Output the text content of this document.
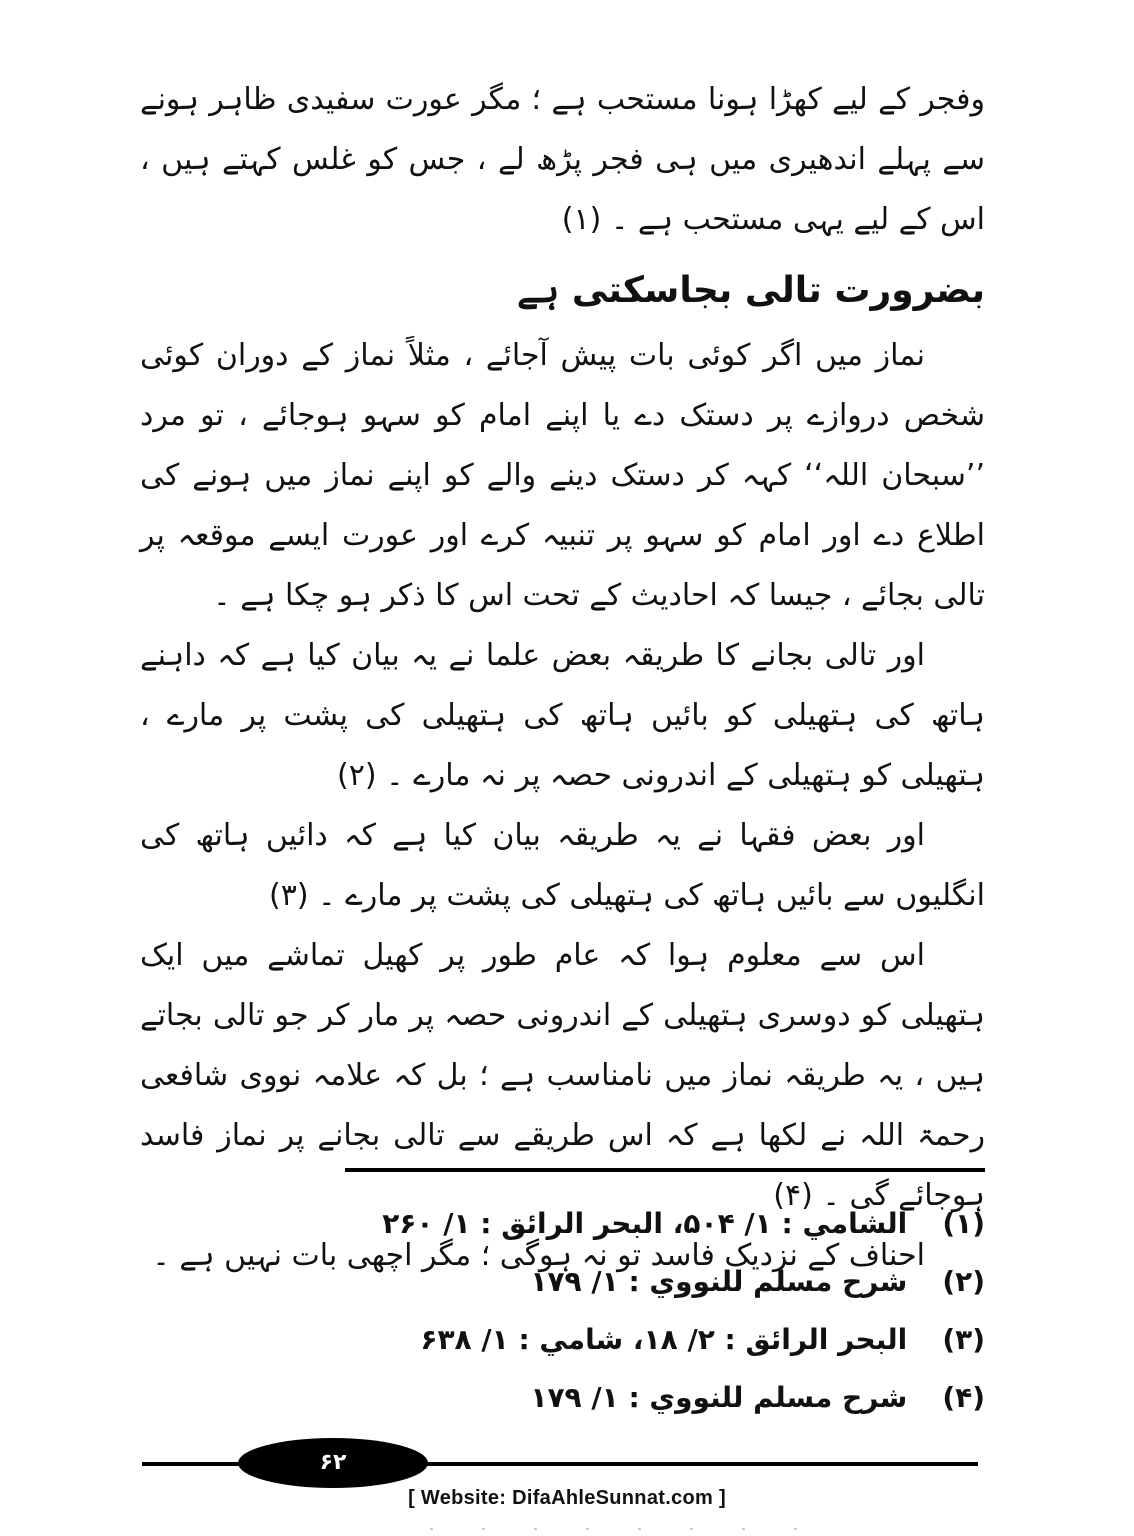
وفجر کے لیے کھڑا ہونا مستحب ہے ؛ مگر عورت سفیدی ظاہر ہونے سے پہلے اندھیری میں ہی فجر پڑھ لے ، جس کو غلس کہتے ہیں ، اس کے لیے یہی مستحب ہے ۔ (۱)

بضرورت تالی بجاسکتی ہے

نماز میں اگر کوئی بات پیش آجائے ، مثلاً نماز کے دوران کوئی شخص دروازے پر دستک دے یا اپنے امام کو سہو ہوجائے ، تو مرد ’’سبحان اللہ‘‘ کہہ کر دستک دینے والے کو اپنے نماز میں ہونے کی اطلاع دے اور امام کو سہو پر تنبیہ کرے اور عورت ایسے موقعہ پر تالی بجائے ، جیسا کہ احادیث کے تحت اس کا ذکر ہو چکا ہے ۔

اور تالی بجانے کا طریقہ بعض علما نے یہ بیان کیا ہے کہ داہنے ہاتھ کی ہتھیلی کو بائیں ہاتھ کی ہتھیلی کی پشت پر مارے ، ہتھیلی کو ہتھیلی کے اندرونی حصہ پر نہ مارے ۔ (۲)

اور بعض فقہا نے یہ طریقہ بیان کیا ہے کہ دائیں ہاتھ کی انگلیوں سے بائیں ہاتھ کی ہتھیلی کی پشت پر مارے ۔ (۳)

اس سے معلوم ہوا کہ عام طور پر کھیل تماشے میں ایک ہتھیلی کو دوسری ہتھیلی کے اندرونی حصہ پر مار کر جو تالی بجاتے ہیں ، یہ طریقہ نماز میں نامناسب ہے ؛ بل کہ علامہ نووی شافعی رحمۃ اللہ نے لکھا ہے کہ اس طریقے سے تالی بجانے پر نماز فاسد ہوجائے گی ۔ (۴)

احناف کے نزدیک فاسد تو نہ ہوگی ؛ مگر اچھی بات نہیں ہے ۔

(۱) الشامي : ۱/ ۵۰۴، البحر الرائق : ۱/ ۲۶۰
(۲) شرح مسلم للنووي : ۱/ ۱۷۹
(۳) البحر الرائق : ۲/ ۱۸، شامي : ۱/ ۶۳۸
(۴) شرح مسلم للنووي : ۱/ ۱۷۹
۶۲
[ Website: DifaAhleSunnat.com ]
